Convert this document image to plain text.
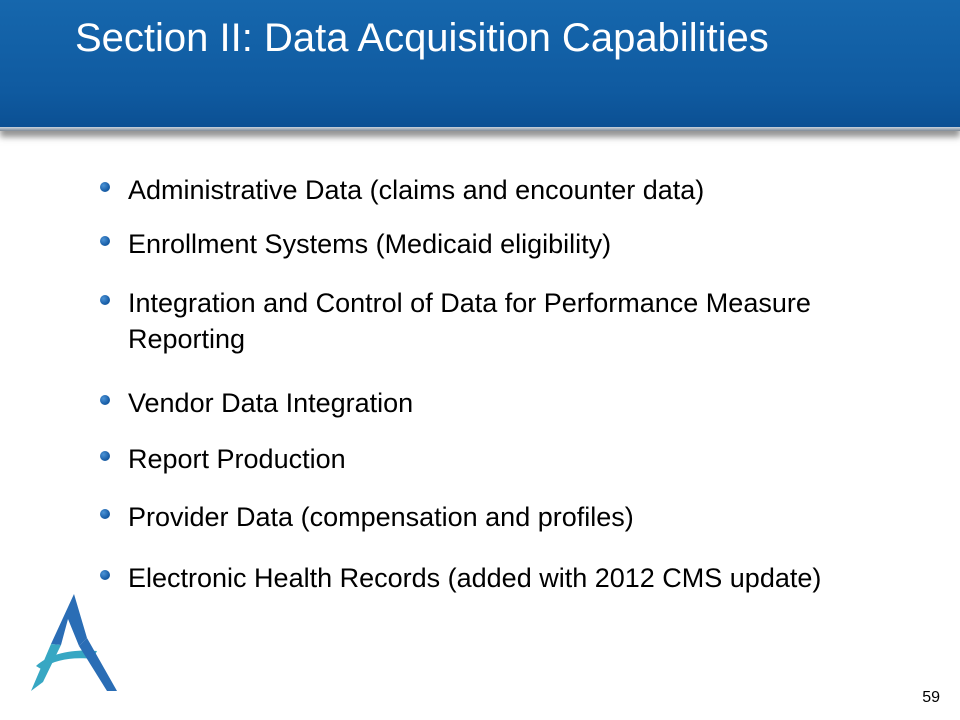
Section II: Data Acquisition Capabilities
Administrative Data (claims and encounter data)
Enrollment Systems (Medicaid eligibility)
Integration and Control of Data for Performance Measure Reporting
Vendor Data Integration
Report Production
Provider Data (compensation and profiles)
Electronic Health Records (added with 2012 CMS update)
59
